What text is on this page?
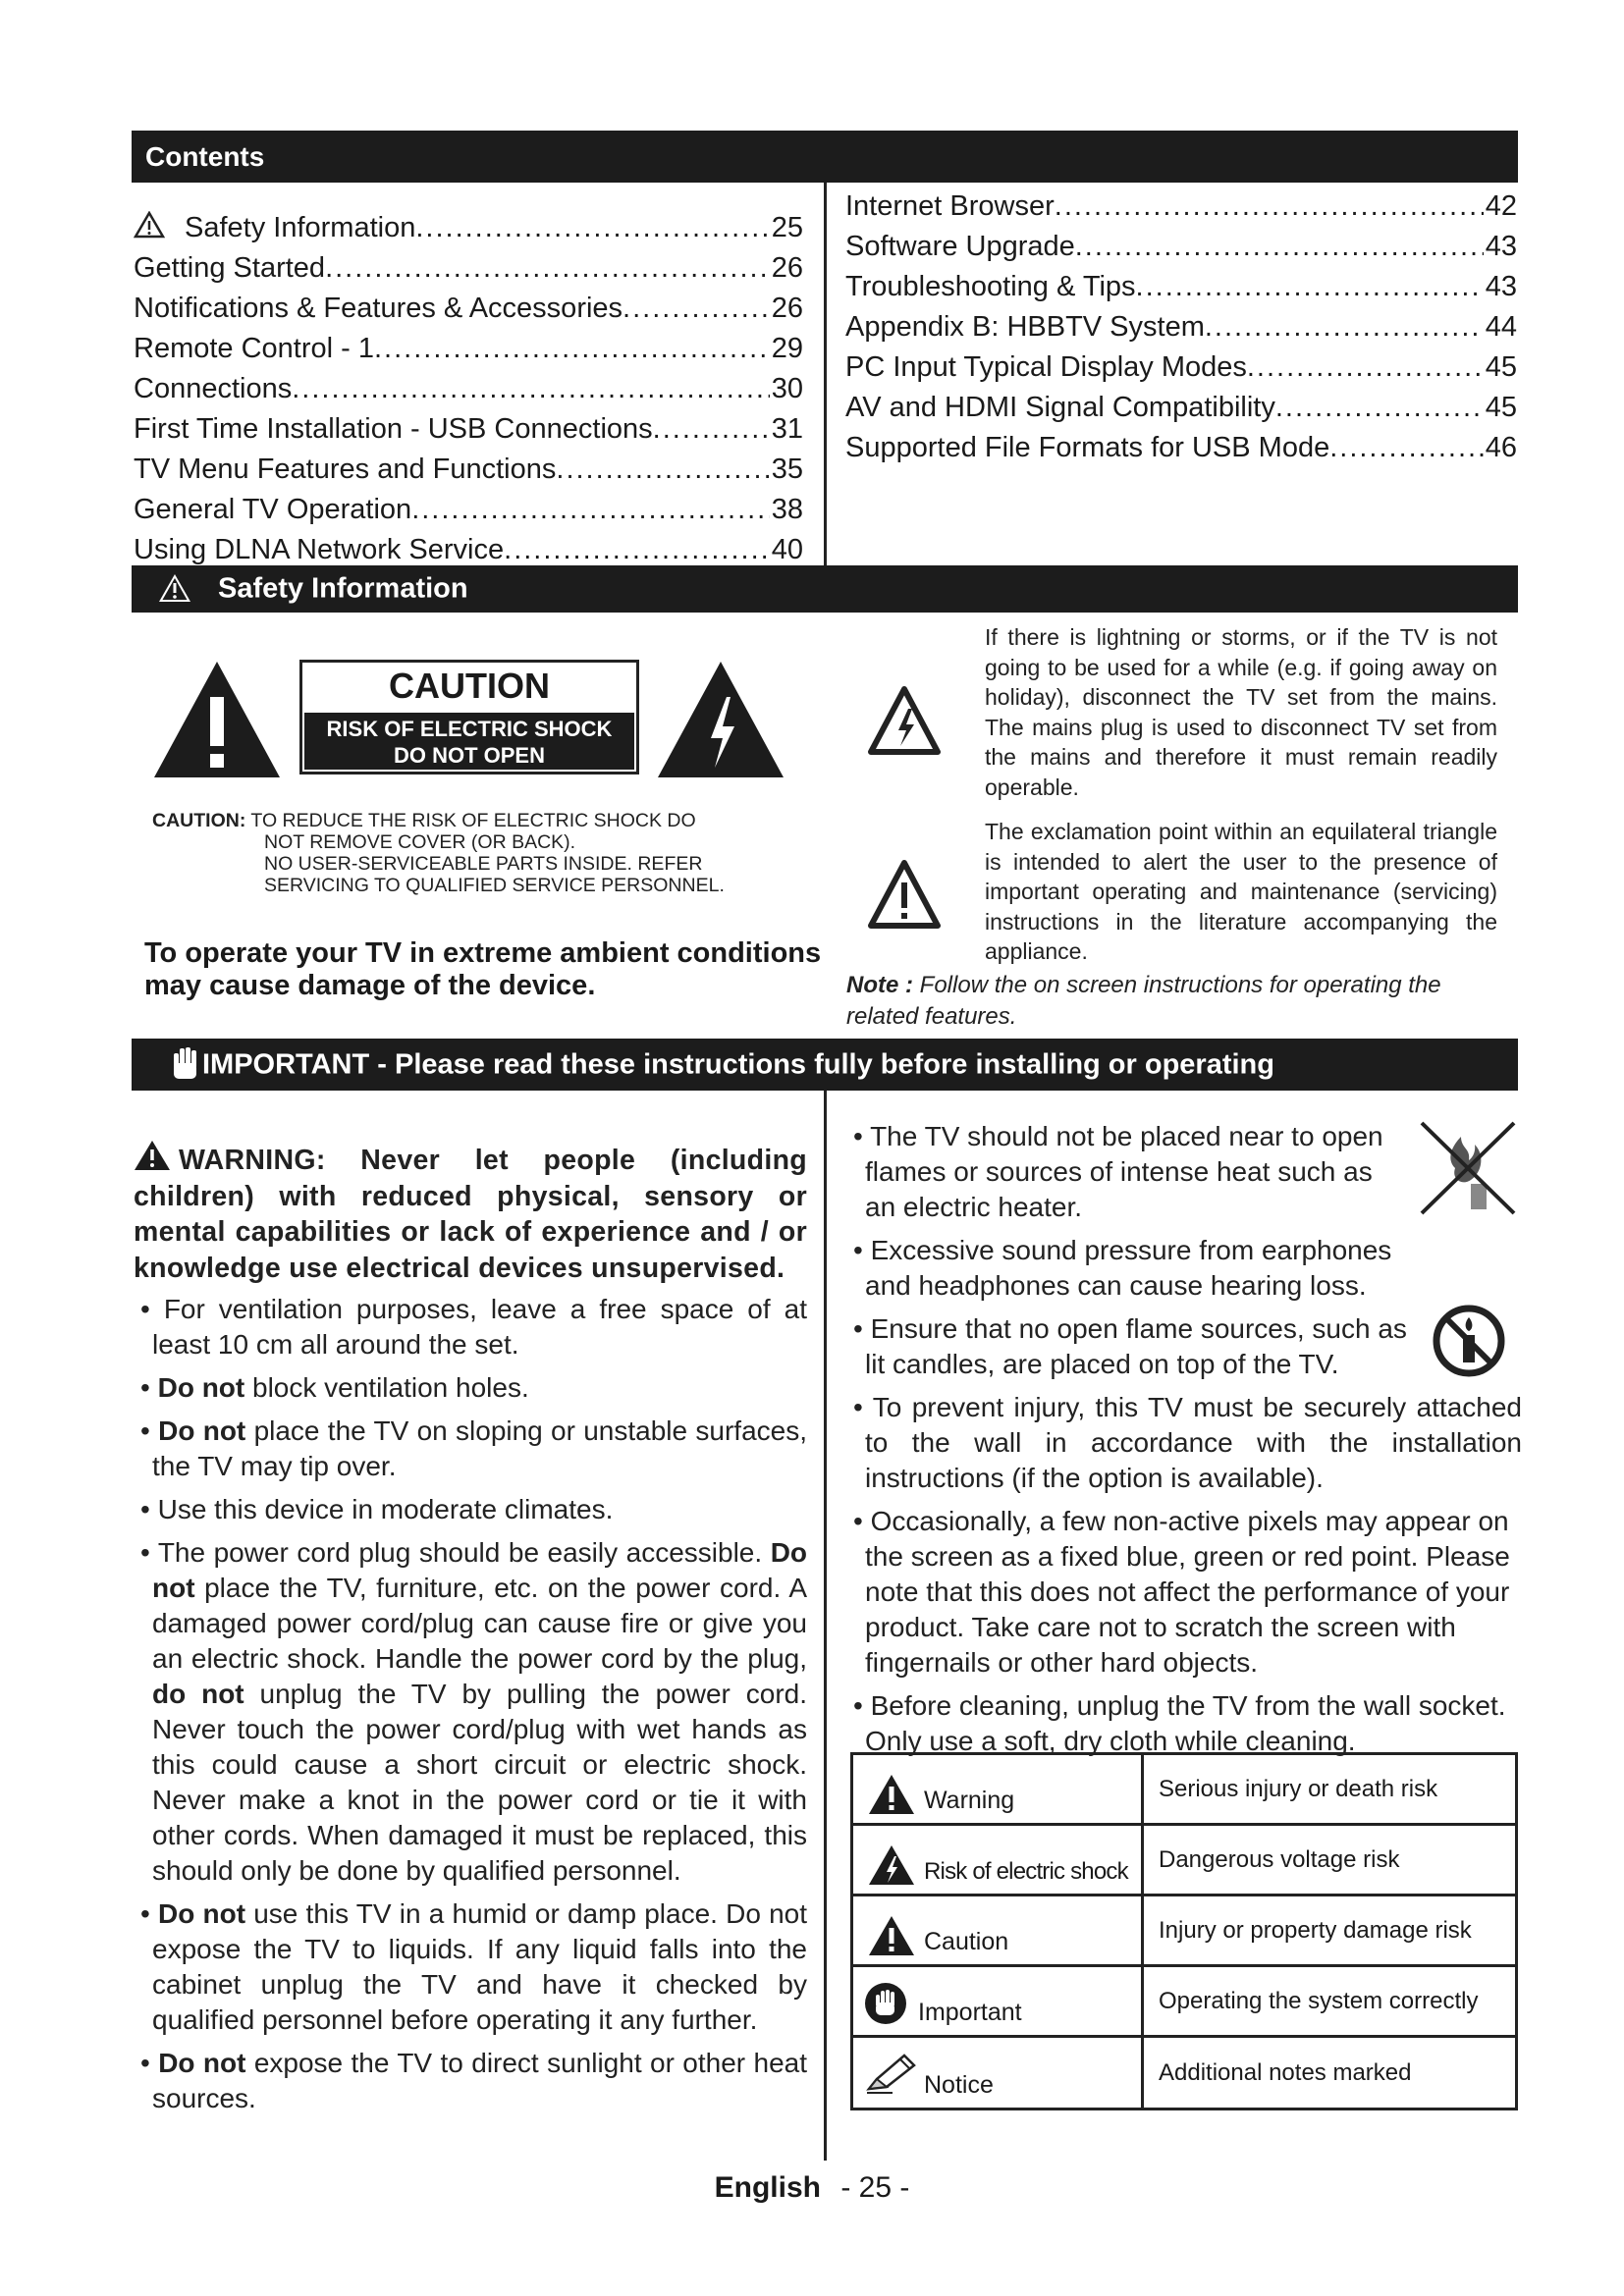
Contents
Safety Information .....	25
Getting Started .....	26
Notifications & Features & Accessories .....	26
Remote Control - 1 .....	29
Connections .....	30
First Time Installation - USB Connections .....	31
TV Menu Features and Functions .....	35
General TV Operation .....	38
Using DLNA Network Service .....	40
Internet Browser .....	42
Software Upgrade .....	43
Troubleshooting & Tips .....	43
Appendix B: HBBTV System .....	44
PC Input Typical Display Modes .....	45
AV and HDMI Signal Compatibility .....	45
Supported File Formats for USB Mode .....	46
Safety Information
CAUTION
RISK OF ELECTRIC SHOCK
DO NOT OPEN
CAUTION: TO REDUCE THE RISK OF ELECTRIC SHOCK DO
NOT REMOVE COVER (OR BACK).
NO USER-SERVICEABLE PARTS INSIDE. REFER
SERVICING TO QUALIFIED SERVICE PERSONNEL.
To operate your TV in extreme ambient conditions
may cause damage of the device.
If there is lightning or storms, or if the TV is not going to be used for a while (e.g. if going away on holiday), disconnect the TV set from the mains. The mains plug is used to disconnect TV set from the mains and therefore it must remain readily operable.
The exclamation point within an equilateral triangle is intended to alert the user to the presence of important operating and maintenance (servicing) instructions in the literature accompanying the appliance.
Note : Follow the on screen instructions for operating the related features.
IMPORTANT - Please read these instructions fully before installing or operating

WARNING: Never let people (including children) with reduced physical, sensory or mental capabilities or lack of experience and / or knowledge use electrical devices unsupervised.

• For ventilation purposes, leave a free space of at least 10 cm all around the set.

• Do not block ventilation holes.

• Do not place the TV on sloping or unstable surfaces, the TV may tip over.

• Use this device in moderate climates.

• The power cord plug should be easily accessible. Do not place the TV, furniture, etc. on the power cord. A damaged power cord/plug can cause fire or give you an electric shock. Handle the power cord by the plug, do not unplug the TV by pulling the power cord. Never touch the power cord/plug with wet hands as this could cause a short circuit or electric shock. Never make a knot in the power cord or tie it with other cords. When damaged it must be replaced, this should only be done by qualified personnel.

• Do not use this TV in a humid or damp place. Do not expose the TV to liquids. If any liquid falls into the cabinet unplug the TV and have it checked by qualified personnel before operating it any further.

• Do not expose the TV to direct sunlight or other heat sources.

• The TV should not be placed near to open flames or sources of intense heat such as an electric heater.

• Excessive sound pressure from earphones and headphones can cause hearing loss.

• Ensure that no open flame sources, such as lit candles, are placed on top of the TV.

• To prevent injury, this TV must be securely attached to the wall in accordance with the installation instructions (if the option is available).

• Occasionally, a few non-active pixels may appear on the screen as a fixed blue, green or red point. Please note that this does not affect the performance of your product. Take care not to scratch the screen with fingernails or other hard objects.

• Before cleaning, unplug the TV from the wall socket. Only use a soft, dry cloth while cleaning.

Warning	Serious injury or death risk
Risk of electric shock	Dangerous voltage risk
Caution	Injury or property damage risk
Important	Operating the system correctly
Notice	Additional notes marked
English - 25 -
